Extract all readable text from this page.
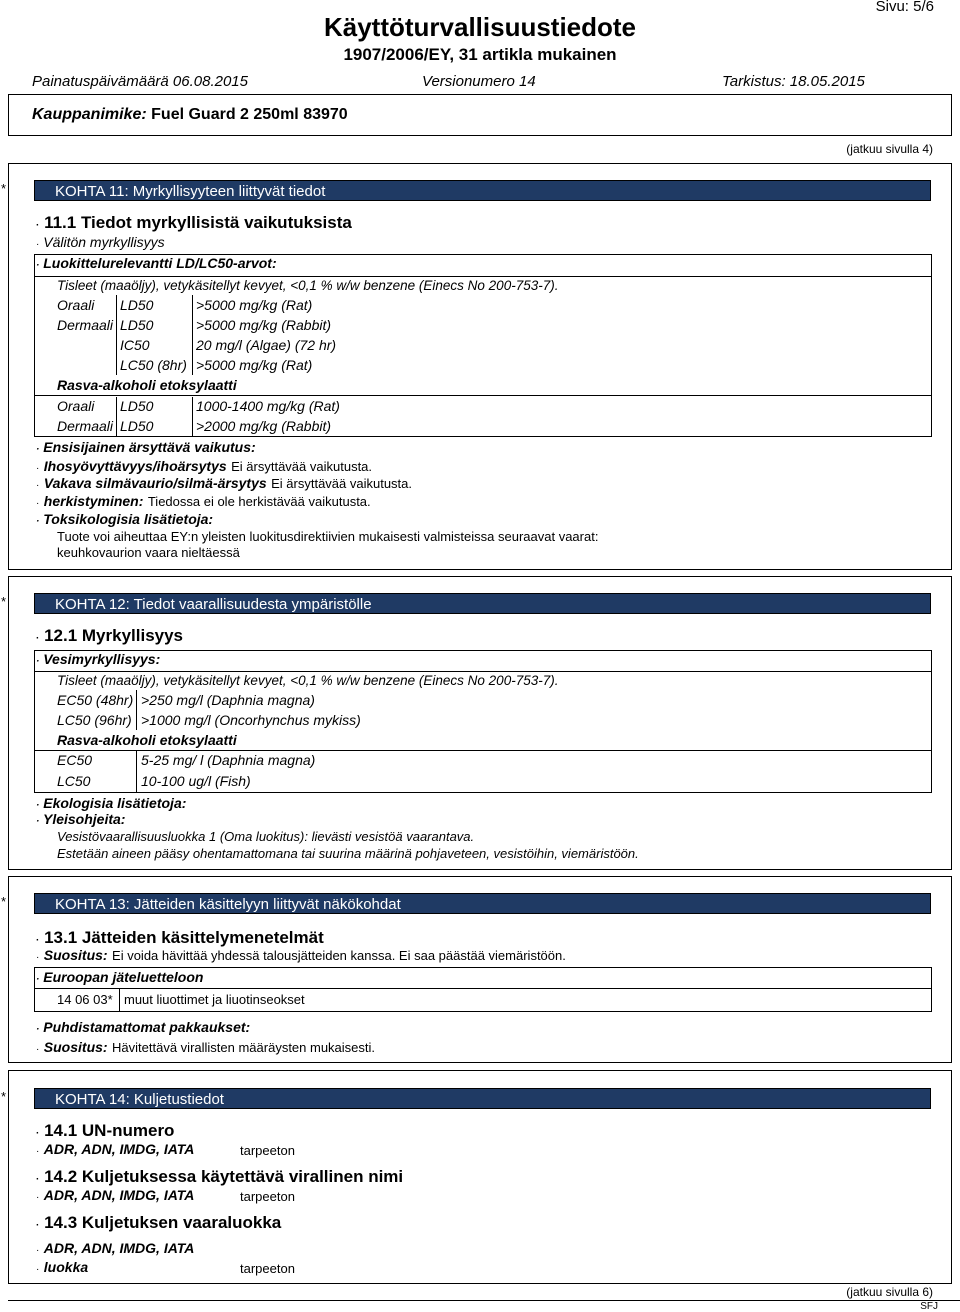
Sivu: 5/6
Käyttöturvallisuustiedote
1907/2006/EY, 31 artikla mukainen
Painatuspäivämäärä 06.08.2015	Versionumero 14	Tarkistus: 18.05.2015
Kauppanimike: Fuel Guard 2 250ml 83970
(jatkuu sivulla 4)
*	KOHTA 11: Myrkyllisyyteen liittyvät tiedot
· 11.1 Tiedot myrkyllisistä vaikutuksista
· Välitön myrkyllisyys
· Luokittelurelevantti LD/LC50-arvot:
Tisleet (maaöljy), vetykäsitellyt kevyet, <0,1 % w/w benzene (Einecs No 200-753-7).
Oraali LD50	>5000 mg/kg (Rat)
Dermaali LD50	>5000 mg/kg (Rabbit)
IC50	20 mg/l (Algae) (72 hr)
LC50 (8hr) >5000 mg/kg (Rat)
Rasva-alkoholi etoksylaatti
Oraali LD50	1000-1400 mg/kg (Rat)
Dermaali LD50	>2000 mg/kg (Rabbit)
· Ensisijainen ärsyttävä vaikutus:
· Ihosyövyttävyys/ihoärsytys Ei ärsyttävää vaikutusta.
· Vakava silmävaurio/silmä-ärsytys Ei ärsyttävää vaikutusta.
· herkistyminen: Tiedossa ei ole herkistävää vaikutusta.
· Toksikologisia lisätietoja:
Tuote voi aiheuttaa EY:n yleisten luokitusdirektiivien mukaisesti valmisteissa seuraavat vaarat:
keuhkovaurion vaara nieltäessä
*	KOHTA 12: Tiedot vaarallisuudesta ympäristölle
· 12.1 Myrkyllisyys
· Vesimyrkyllisyys:
Tisleet (maaöljy), vetykäsitellyt kevyet, <0,1 % w/w benzene (Einecs No 200-753-7).
EC50 (48hr) >250 mg/l (Daphnia magna)
LC50 (96hr) >1000 mg/l (Oncorhynchus mykiss)
Rasva-alkoholi etoksylaatti
EC50	5-25 mg/ l (Daphnia magna)
LC50	10-100 ug/l (Fish)
· Ekologisia lisätietoja:
· Yleisohjeita:
Vesistövaarallisuusluokka 1 (Oma luokitus): lievästi vesistöä vaarantava.
Estetään aineen pääsy ohentamattomana tai suurina määrinä pohjaveteen, vesistöihin, viemäristöön.
*	KOHTA 13: Jätteiden käsittelyyn liittyvät näkökohdat
· 13.1 Jätteiden käsittelymenetelmät
· Suositus: Ei voida hävittää yhdessä talousjätteiden kanssa. Ei saa päästää viemäristöön.
· Euroopan jäteluetteloon
14 06 03* muut liuottimet ja liuotinseokset
· Puhdistamattomat pakkaukset:
· Suositus: Hävitettävä virallisten määräysten mukaisesti.
*	KOHTA 14: Kuljetustiedot
· 14.1 UN-numero
· ADR, ADN, IMDG, IATA	tarpeeton
· 14.2 Kuljetuksessa käytettävä virallinen nimi
· ADR, ADN, IMDG, IATA	tarpeeton
· 14.3 Kuljetuksen vaaraluokka
· ADR, ADN, IMDG, IATA
· luokka	tarpeeton
(jatkuu sivulla 6)
SFJ
